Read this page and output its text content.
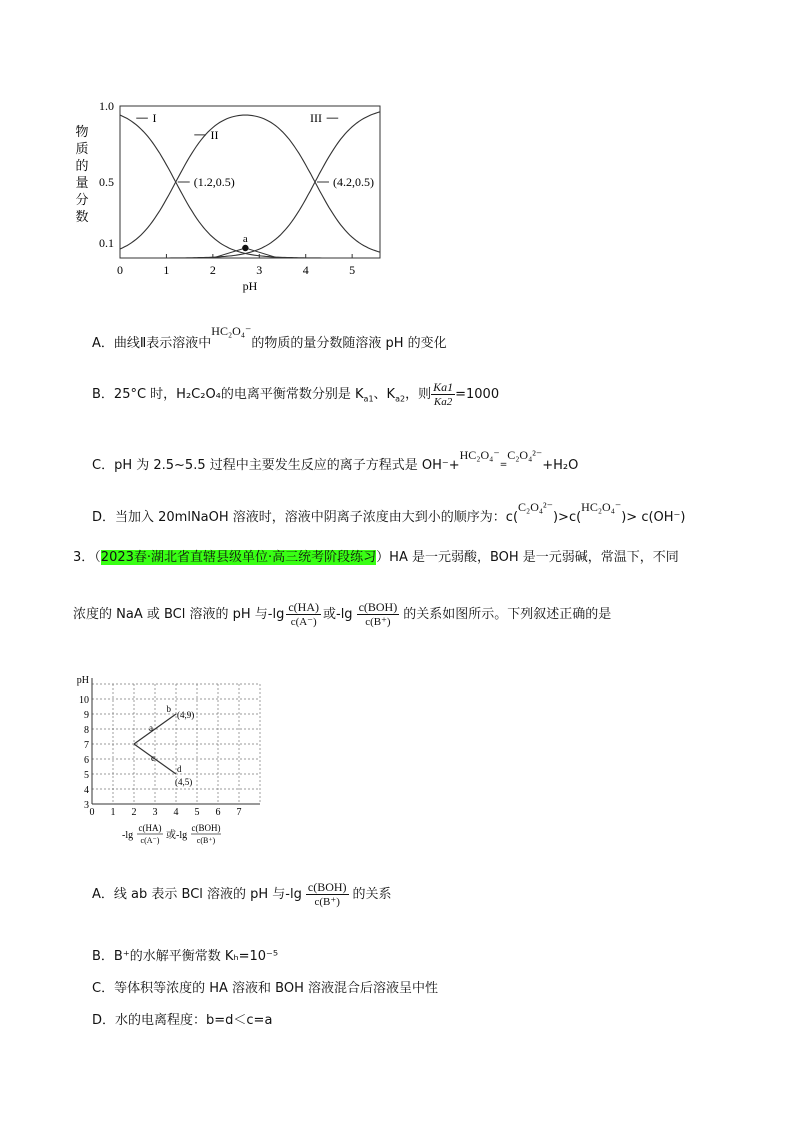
1.0
0.5
0.1
0	1	2	3	4	5
pH
物
质
的
量
分
数
I
II
III
(1.2,0.5)	(4.2,0.5)
a
A．曲线Ⅱ表示溶液中HC₂O₄⁻的物质的量分数随溶液 pH 的变化
B．25°C 时，H₂C₂O₄的电离平衡常数分别是 $K_{a1}$、$K_{a2}$，则 $\frac{Ka1}{Ka2} =1000$
C．pH 为 2.5~5.5 过程中主要发生反应的离子方程式是 OH⁻+HC₂O₄⁻=C₂O₄²⁻+H₂O
D．当加入 20mlNaOH 溶液时，溶液中阴离子浓度由大到小的顺序为：c(C₂O₄²⁻)>c(HC₂O₄⁻)> c(OH⁻)
3．（2023春·湖北省直辖县级单位·高三统考阶段练习）HA 是一元弱酸，BOH 是一元弱碱，常温下，不同
浓度的 NaA 或 BCl 溶液的 pH 与$-\lg \frac{c(HA)}{c(A^-)}$ 或$-\lg \frac{\text{c(BOH)}}{c(B^+)}$ 的关系如图所示。下列叙述正确的是
pH
3
4
5
6
7
8
9
10
0 1 2 3 4 5 6 7
b
(4,9)
a
c
d
(4,5)
-lg
c(HA)
c(A⁻) 或-lg
c(BOH)
c(B⁺)
A．线 ab 表示 BCl 溶液的 pH 与$-\lg \frac{\text{c(BOH)}}{c(B^+)}$ 的关系
B．B⁺的水解平衡常数 Kₕ=10⁻⁵
C．等体积等浓度的 HA 溶液和 BOH 溶液混合后溶液呈中性
D．水的电离程度：b=d＜c=a
